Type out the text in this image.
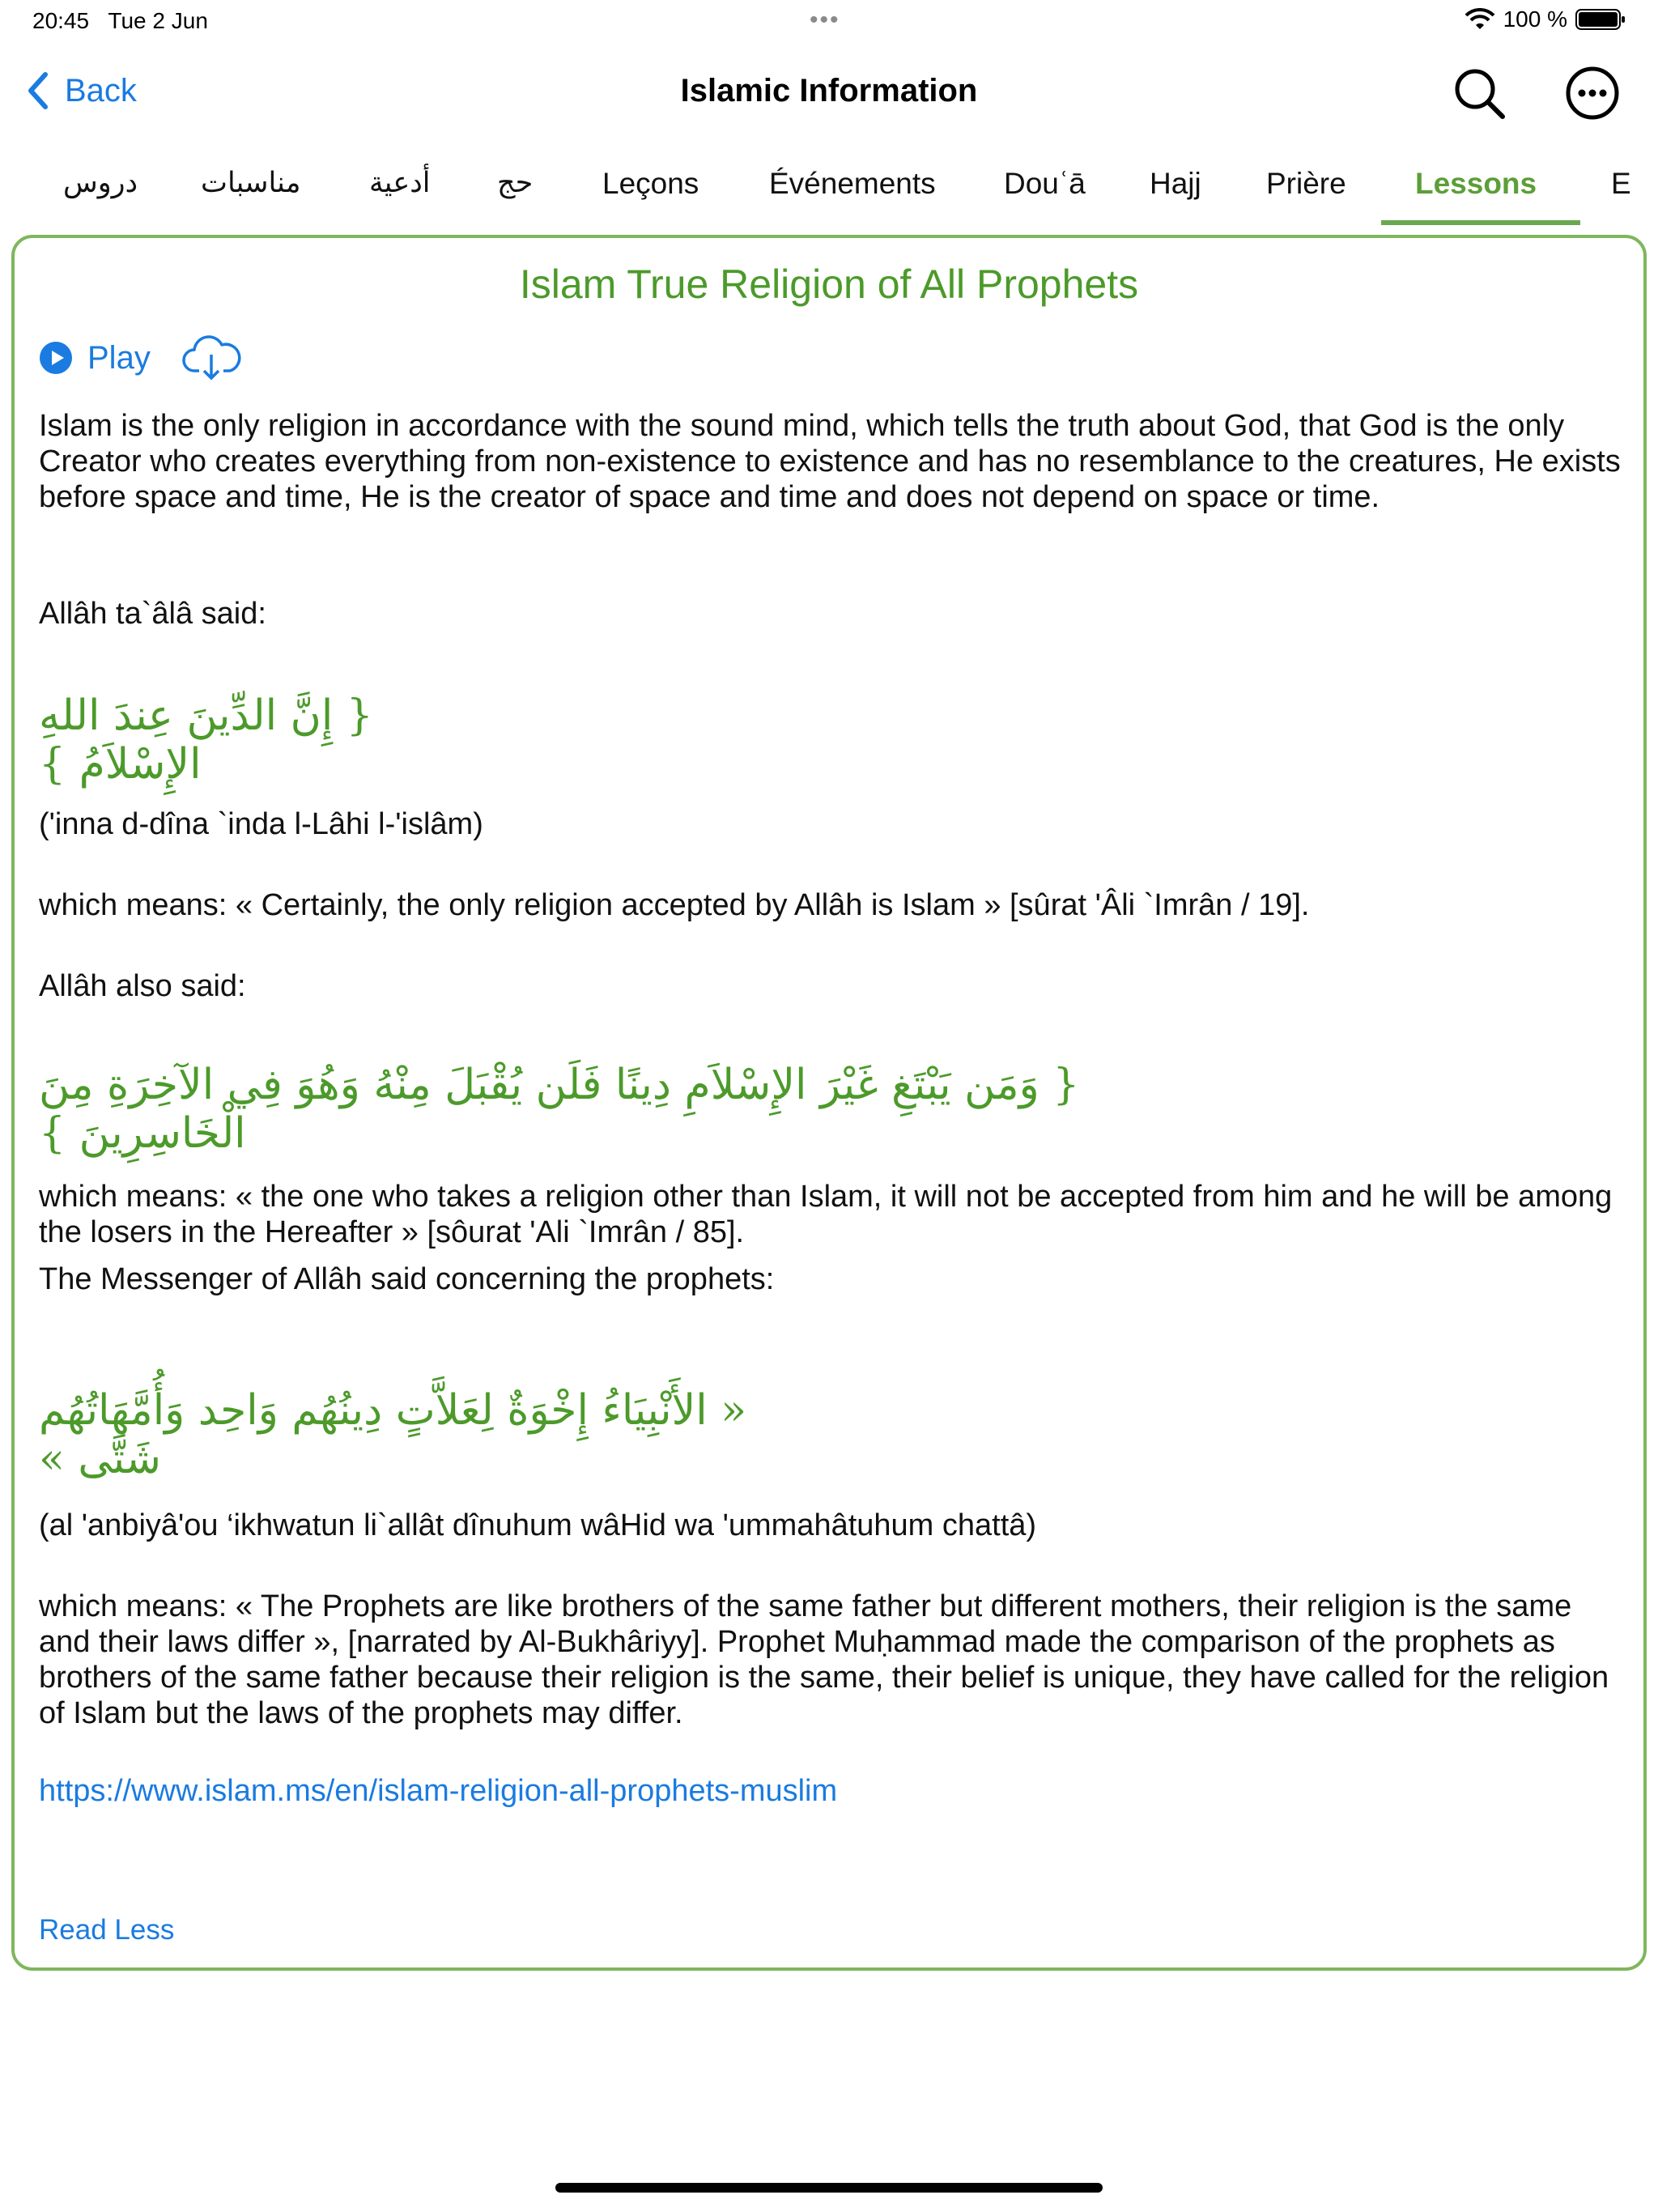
20:45 Tue 2 Jun	•••	100 %
Back	Islamic Information
دروس مناسبات أدعية حج Leçons Événements Douʿā Hajj Prière Lessons E
Islam True Religion of All Prophets
Play
Islam is the only religion in accordance with the sound mind, which tells the truth about God, that God is the only Creator who creates everything from non-existence to existence and has no resemblance to the creatures, He exists before space and time, He is the creator of space and time and does not depend on space or time.
Allâh ta`âlâ said:
{ إِنَّ الدِّينَ عِندَ اللهِ الإِسْلاَمُ }
('inna d-dîna `inda l-Lâhi l-'islâm)
which means: « Certainly, the only religion accepted by Allâh is Islam » [sûrat 'Âli `Imrân / 19].
Allâh also said:
{ وَمَن يَبْتَغِ غَيْرَ الإِسْلاَمِ دِينًا فَلَن يُقْبَلَ مِنْهُ وَهُوَ فِي الآخِرَةِ مِنَ الْخَاسِرِينَ }
which means: « the one who takes a religion other than Islam, it will not be accepted from him and he will be among the losers in the Hereafter » [sôurat 'Ali `Imrân / 85].
The Messenger of Allâh said concerning the prophets:
« الأَنْبِيَاءُ إِخْوَةٌ لِعَلاَّتٍ دِينُهُم وَاحِد وَأُمَّهَاتُهُم شَتَّى »
(al 'anbiyâ'ou ‘ikhwatun li`allât dînuhum wâHid wa 'ummahâtuhum chattâ)
which means: « The Prophets are like brothers of the same father but different mothers, their religion is the same and their laws differ », [narrated by Al-Bukhâriyy]. Prophet Muḥammad made the comparison of the prophets as brothers of the same father because their religion is the same, their belief is unique, they have called for the religion of Islam but the laws of the prophets may differ.
https://www.islam.ms/en/islam-religion-all-prophets-muslim
Read Less
